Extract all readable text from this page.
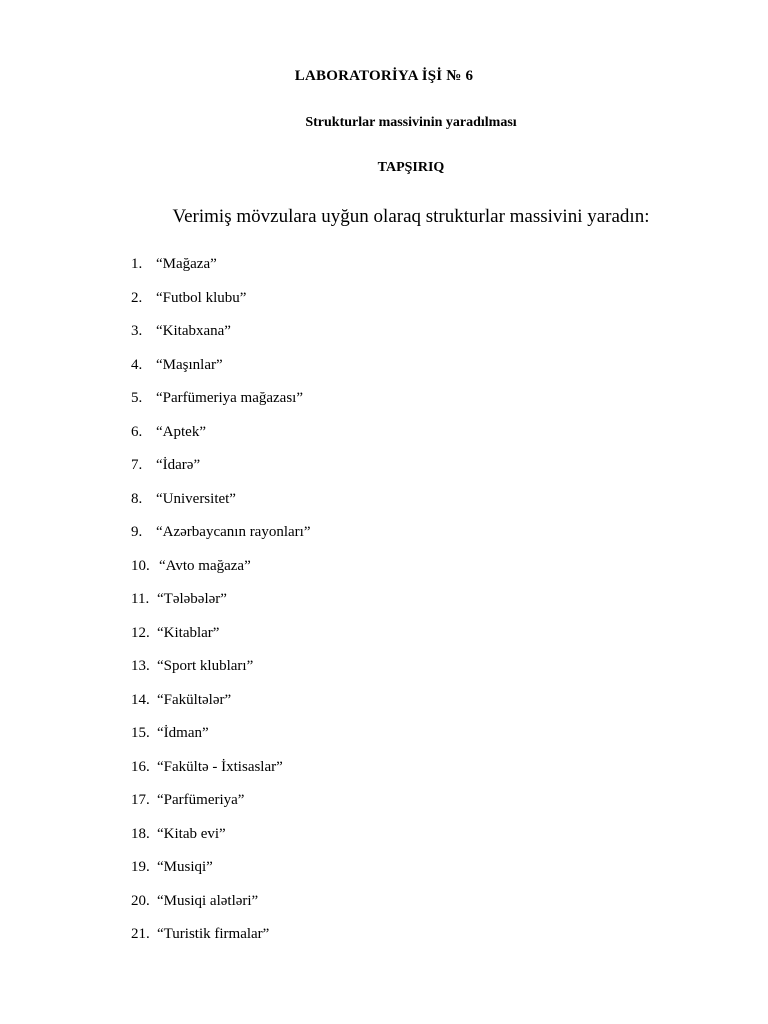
LABORATORİYA İŞİ № 6
Strukturlar massivinin yaradılması
TAPŞIRIQ
Verimiş mövzulara uyğun olaraq strukturlar massivini yaradın:
1. “Mağaza”
2. “Futbol klubu”
3. “Kitabxana”
4. “Maşınlar”
5. “Parfümeriya mağazası”
6. “Aptek”
7. “İdarə”
8. “Universitet”
9. “Azərbaycanın rayonları”
10. “Avto mağaza”
11. “Tələbələr”
12. “Kitablar”
13. “Sport klubları”
14. “Fakültələr”
15. “İdman”
16. “Fakültə - İxtisaslar”
17. “Parfümeriya”
18. “Kitab evi”
19. “Musiqi”
20. “Musiqi alətləri”
21. “Turistik firmalar”
